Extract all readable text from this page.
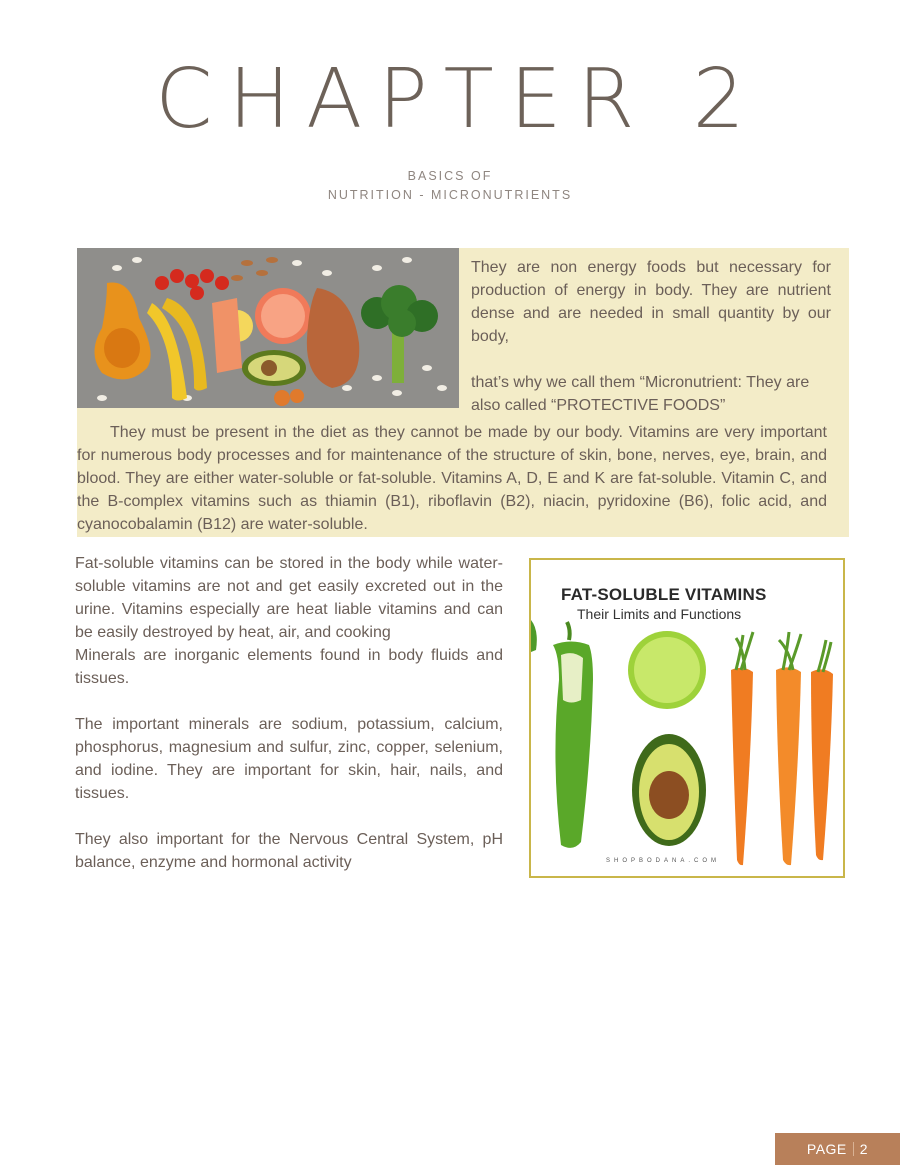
CHAPTER 2
BASICS OF
NUTRITION - MICRONUTRIENTS

They are non energy foods but necessary for production of energy in body. They are nutrient dense and are needed in small quantity by our body,

that’s why we call them “Micronutrient: They are also called “PROTECTIVE FOODS”

They must be present in the diet as they cannot be made by our body. Vitamins are very important for numerous body processes and for maintenance of the structure of skin, bone, nerves, eye, brain, and blood. They are either water-soluble or fat-soluble. Vitamins A, D, E and K are fat-soluble. Vitamin C, and the B-complex vitamins such as thiamin (B1), riboflavin (B2), niacin, pyridoxine (B6), folic acid, and cyanocobalamin (B12) are water-soluble.

Fat-soluble vitamins can be stored in the body while water-soluble vitamins are not and get easily excreted out in the urine. Vitamins especially are heat liable vitamins and can be easily destroyed by heat, air, and cooking

Minerals are inorganic elements found in body fluids and tissues.

The important minerals are sodium, potassium, calcium, phosphorus, magnesium and sulfur, zinc, copper, selenium, and iodine. They are important for skin, hair, nails, and tissues.

They also important for the Nervous Central System, pH balance, enzyme and hormonal activity

FAT-SOLUBLE VITAMINS
Their Limits and Functions
SHOPBODANA.COM
PAGE 2
